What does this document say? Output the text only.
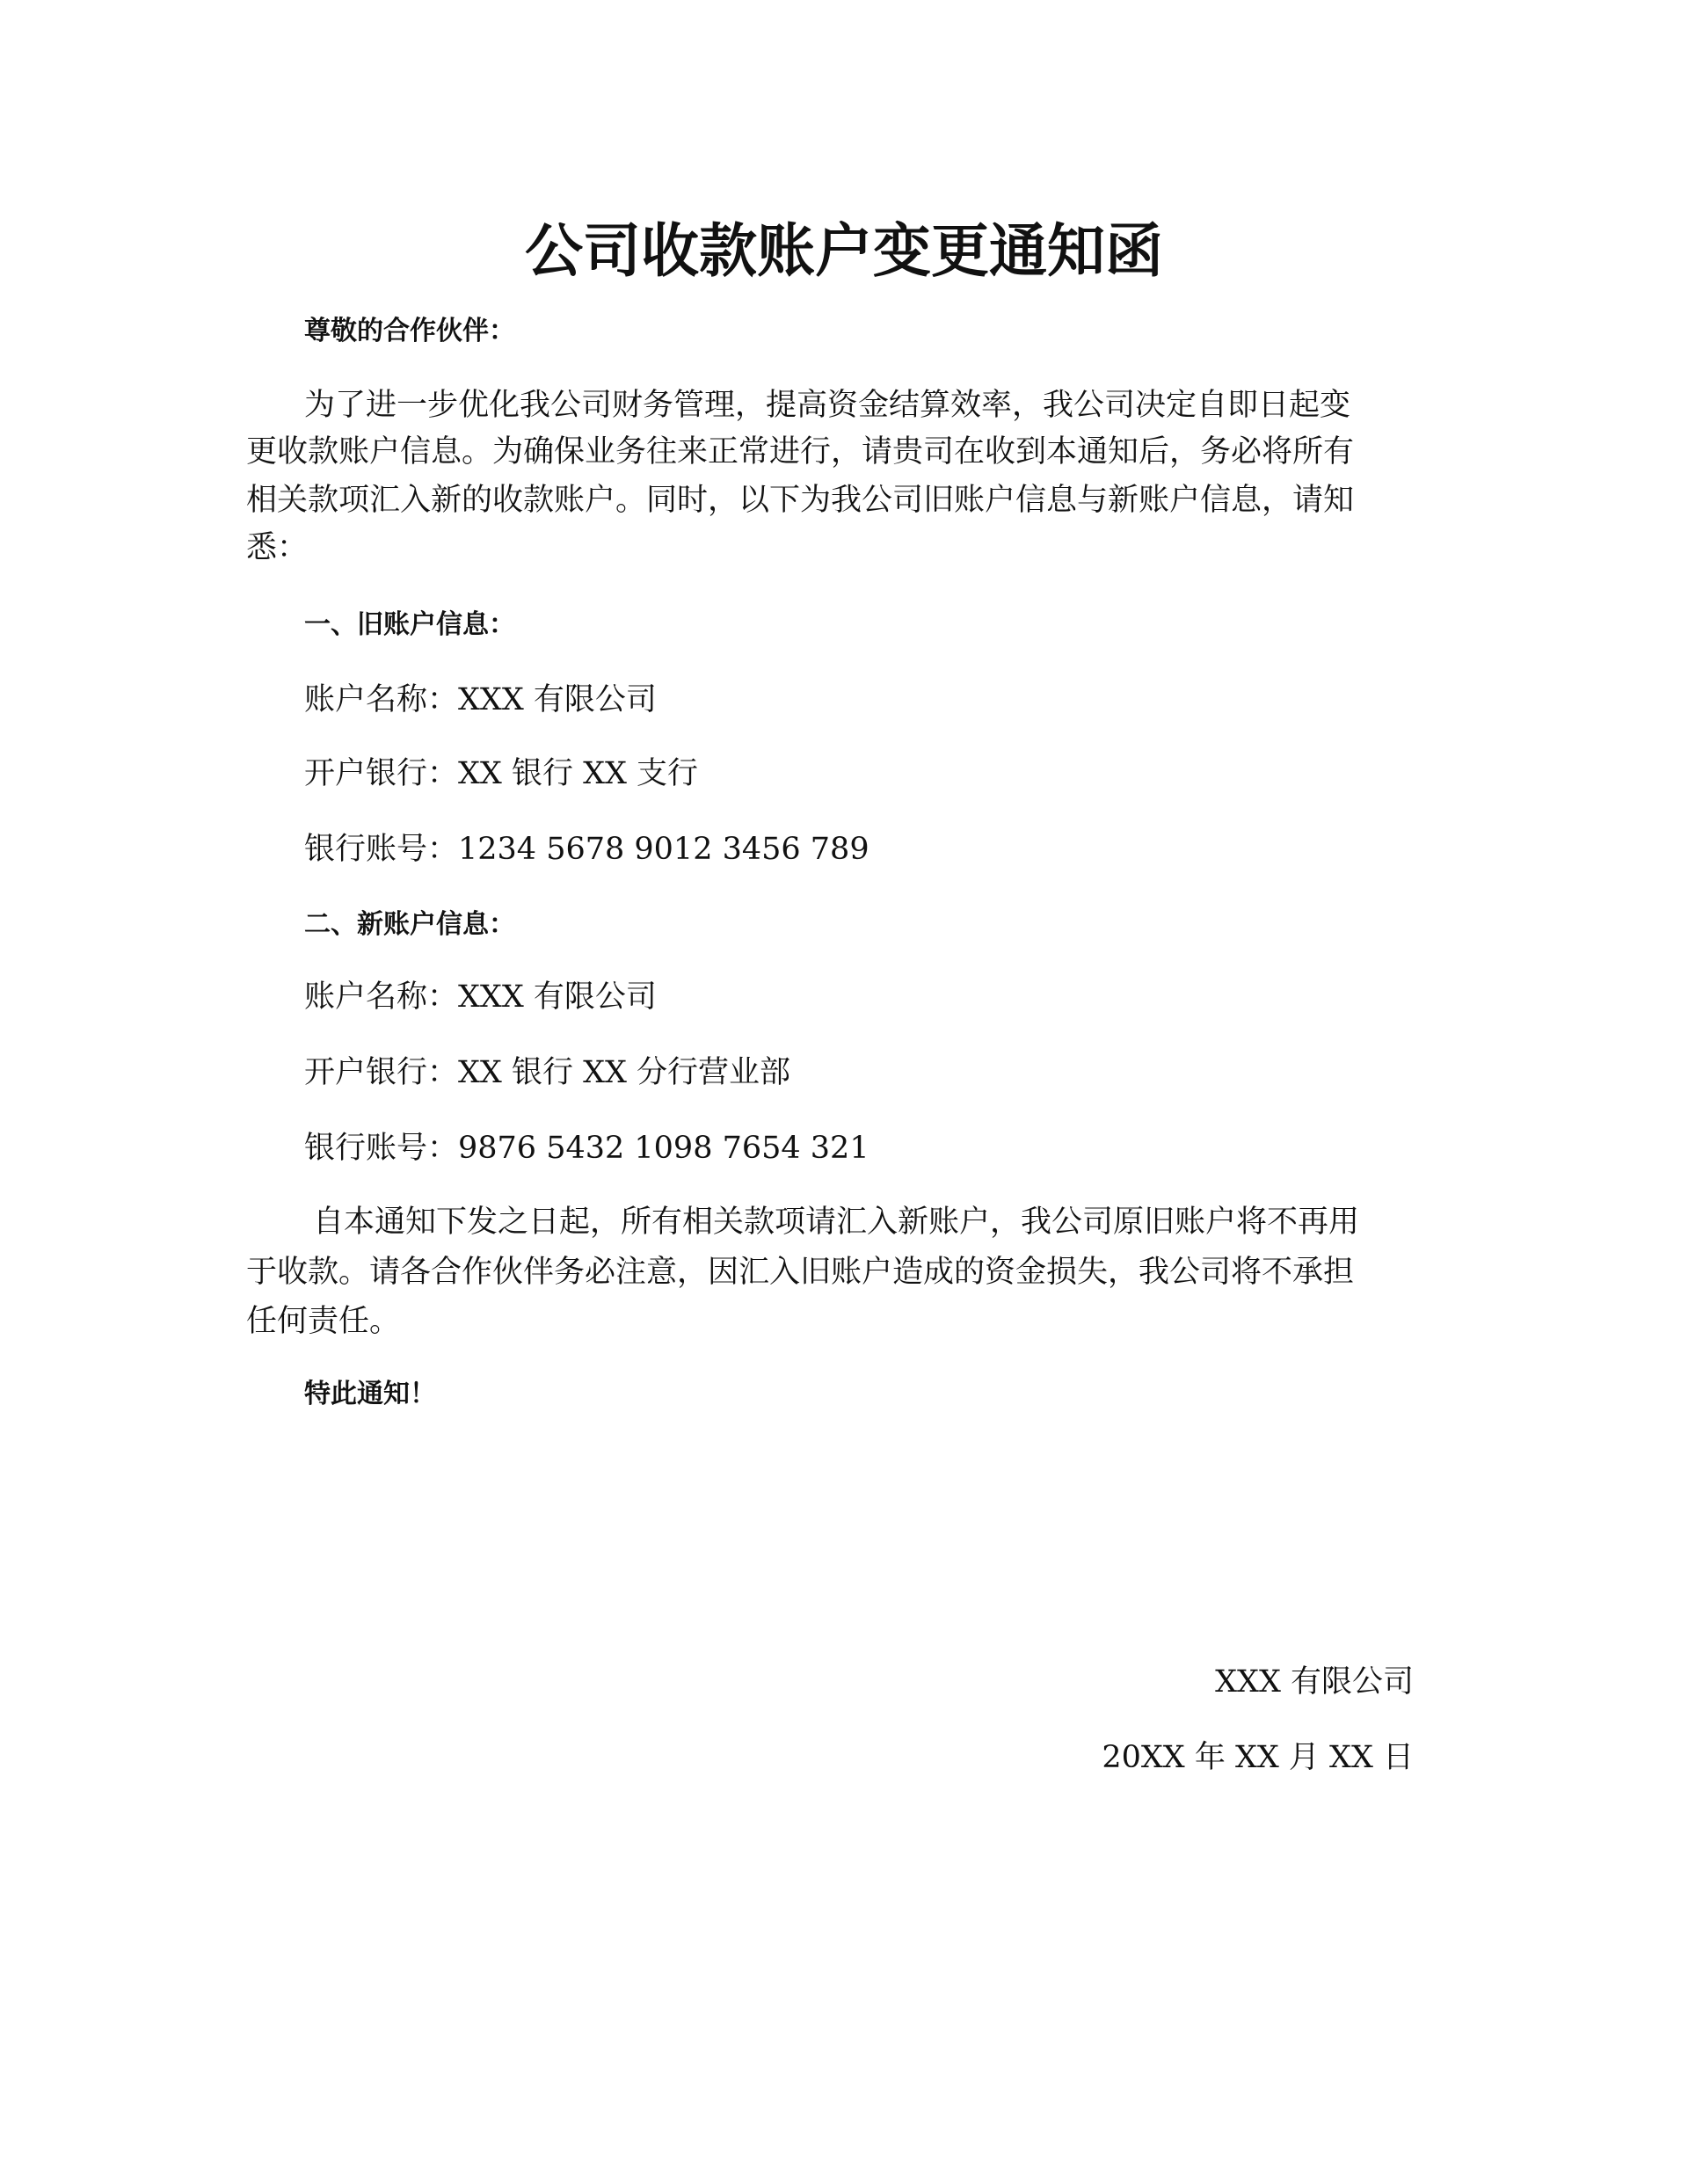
公司收款账户变更通知函
尊敬的合作伙伴：
为了进一步优化我公司财务管理，提高资金结算效率，我公司决定自即日起变
更收款账户信息。为确保业务往来正常进行，请贵司在收到本通知后，务必将所有
相关款项汇入新的收款账户。同时，以下为我公司旧账户信息与新账户信息，请知
悉：
一、旧账户信息：
账户名称：XXX 有限公司
开户银行：XX 银行 XX 支行
银行账号：1234 5678 9012 3456 789
二、新账户信息：
账户名称：XXX 有限公司
开户银行：XX 银行 XX 分行营业部
银行账号：9876 5432 1098 7654 321
自本通知下发之日起，所有相关款项请汇入新账户，我公司原旧账户将不再用
于收款。请各合作伙伴务必注意，因汇入旧账户造成的资金损失，我公司将不承担
任何责任。
特此通知！
XXX 有限公司
20XX 年 XX 月 XX 日
